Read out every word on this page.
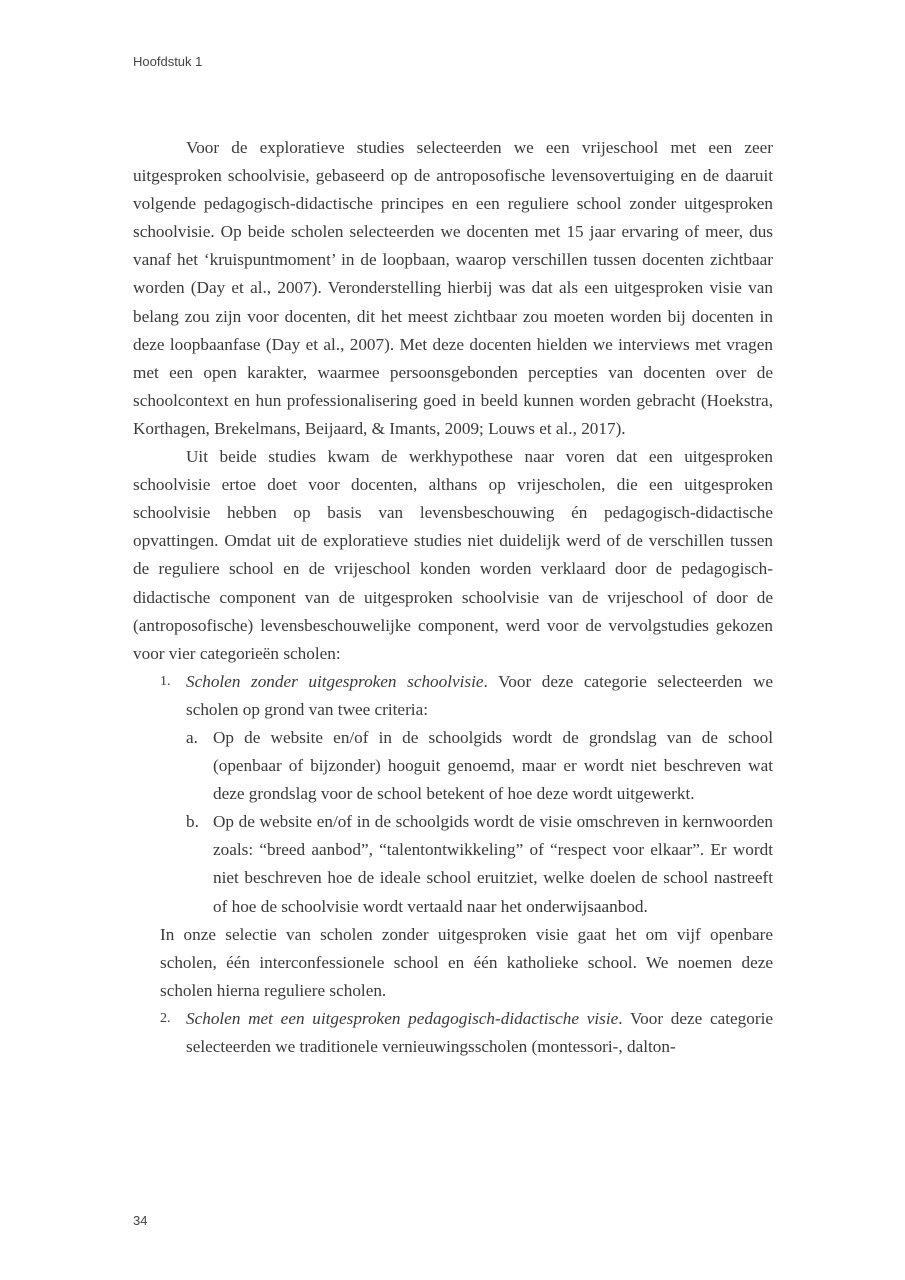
Hoofdstuk 1

Voor de exploratieve studies selecteerden we een vrijeschool met een zeer uitgesproken schoolvisie, gebaseerd op de antroposofische levensovertuiging en de daaruit volgende pedagogisch-didactische principes en een reguliere school zonder uitgesproken schoolvisie. Op beide scholen selecteerden we docenten met 15 jaar ervaring of meer, dus vanaf het ‘kruispuntmoment’ in de loopbaan, waarop verschillen tussen docenten zichtbaar worden (Day et al., 2007). Veronderstelling hierbij was dat als een uitgesproken visie van belang zou zijn voor docenten, dit het meest zichtbaar zou moeten worden bij docenten in deze loopbaanfase (Day et al., 2007). Met deze docenten hielden we interviews met vragen met een open karakter, waarmee persoonsgebonden percepties van docenten over de schoolcontext en hun professionalisering goed in beeld kunnen worden gebracht (Hoekstra, Korthagen, Brekelmans, Beijaard, & Imants, 2009; Louws et al., 2017).

Uit beide studies kwam de werkhypothese naar voren dat een uitgesproken schoolvisie ertoe doet voor docenten, althans op vrijescholen, die een uitgesproken schoolvisie hebben op basis van levensbeschouwing én pedagogisch-didactische opvattingen. Omdat uit de exploratieve studies niet duidelijk werd of de verschillen tussen de reguliere school en de vrijeschool konden worden verklaard door de pedagogisch-didactische component van de uitgesproken schoolvisie van de vrijeschool of door de (antroposofische) levensbeschouwelijke component, werd voor de vervolgstudies gekozen voor vier categorieën scholen:

1. Scholen zonder uitgesproken schoolvisie. Voor deze categorie selecteerden we scholen op grond van twee criteria:
a. Op de website en/of in de schoolgids wordt de grondslag van de school (openbaar of bijzonder) hooguit genoemd, maar er wordt niet beschreven wat deze grondslag voor de school betekent of hoe deze wordt uitgewerkt.
b. Op de website en/of in de schoolgids wordt de visie omschreven in kernwoorden zoals: “breed aanbod”, “talentontwikkeling” of “respect voor elkaar”. Er wordt niet beschreven hoe de ideale school eruitziet, welke doelen de school nastreeft of hoe de schoolvisie wordt vertaald naar het onderwijsaanbod.

In onze selectie van scholen zonder uitgesproken visie gaat het om vijf openbare scholen, één interconfessionele school en één katholieke school. We noemen deze scholen hierna reguliere scholen.

2. Scholen met een uitgesproken pedagogisch-didactische visie. Voor deze categorie selecteerden we traditionele vernieuwingsscholen (montessori-, dalton-

34
